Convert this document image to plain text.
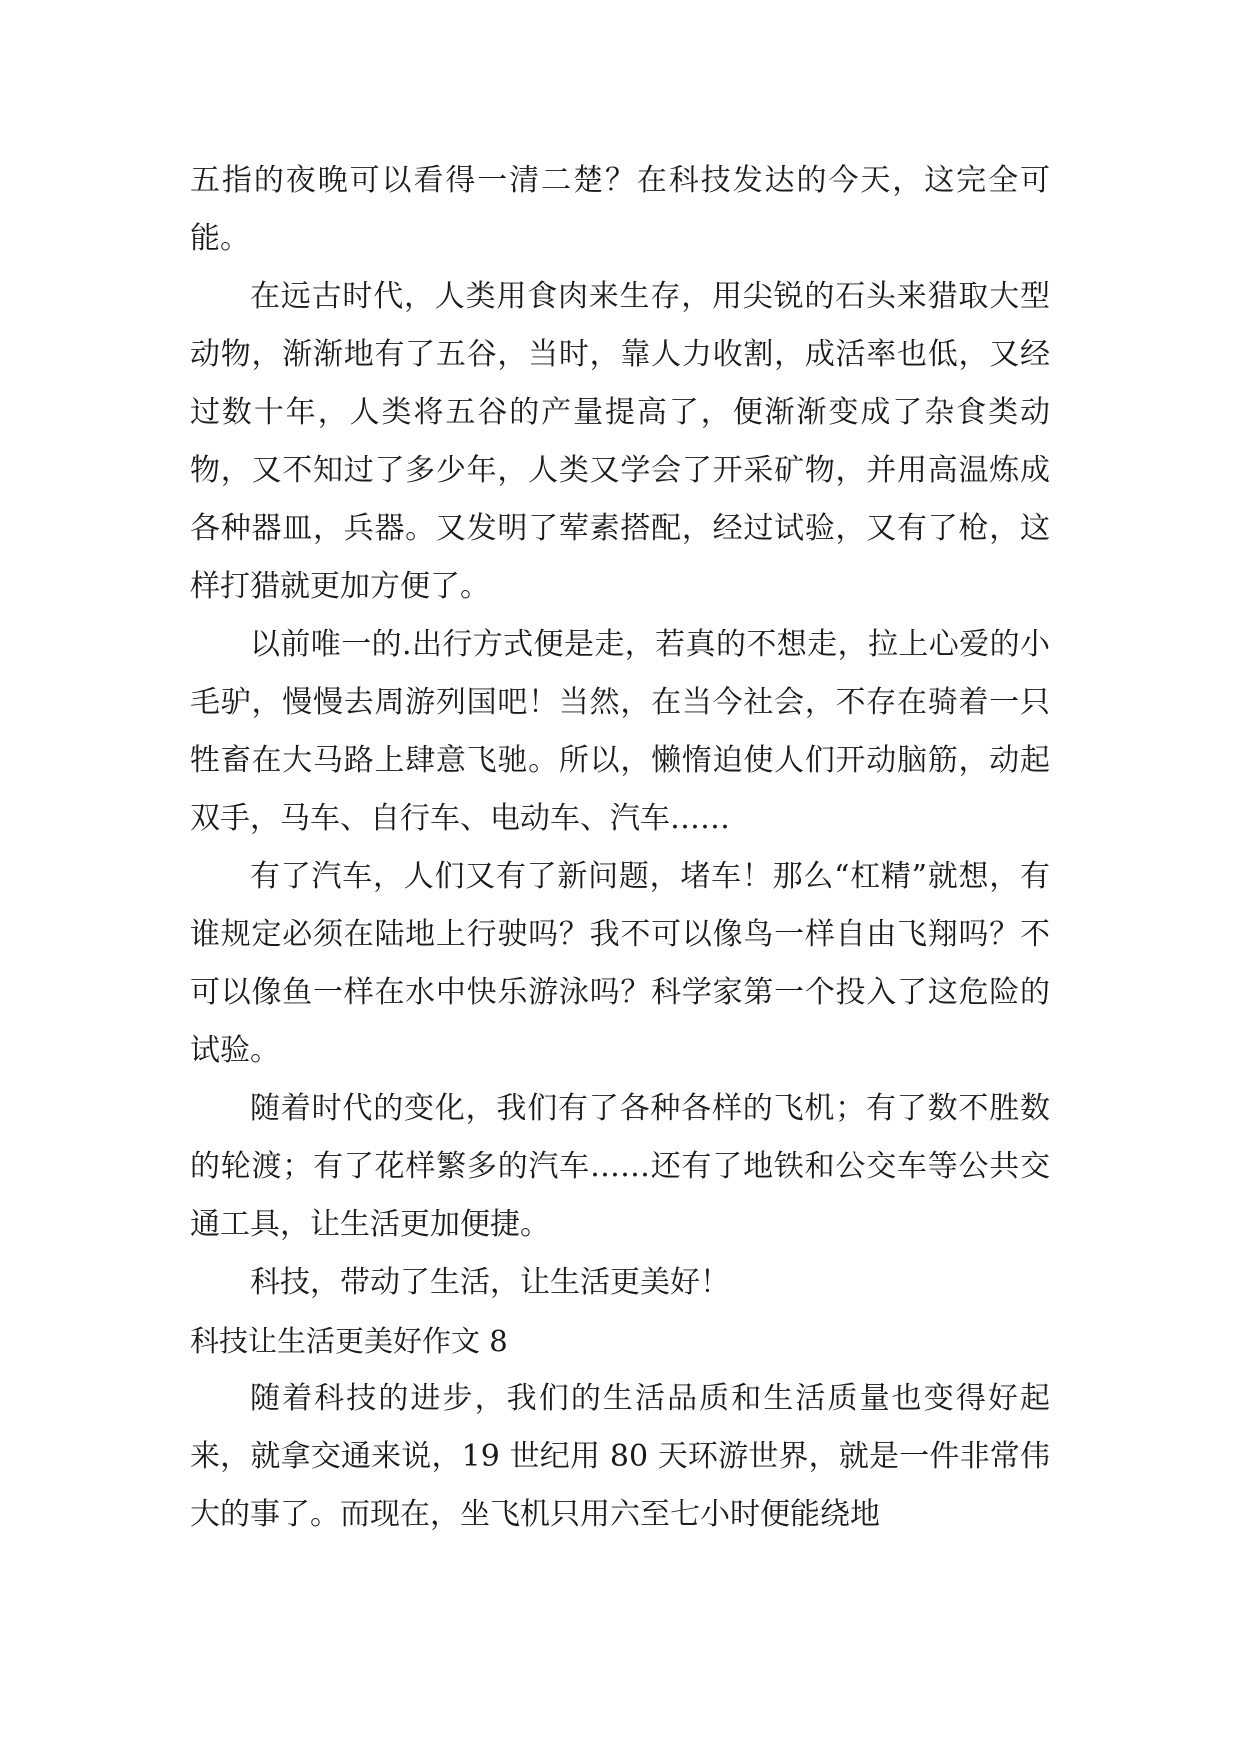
五指的夜晚可以看得一清二楚？在科技发达的今天，这完全可能。

在远古时代，人类用食肉来生存，用尖锐的石头来猎取大型动物，渐渐地有了五谷，当时，靠人力收割，成活率也低，又经过数十年，人类将五谷的产量提高了，便渐渐变成了杂食类动物，又不知过了多少年，人类又学会了开采矿物，并用高温炼成各种器皿，兵器。又发明了荤素搭配，经过试验，又有了枪，这样打猎就更加方便了。

以前唯一的.出行方式便是走，若真的不想走，拉上心爱的小毛驴，慢慢去周游列国吧！当然，在当今社会，不存在骑着一只牲畜在大马路上肆意飞驰。所以，懒惰迫使人们开动脑筋，动起双手，马车、自行车、电动车、汽车……

有了汽车，人们又有了新问题，堵车！那么“杠精”就想，有谁规定必须在陆地上行驶吗？我不可以像鸟一样自由飞翔吗？不可以像鱼一样在水中快乐游泳吗？科学家第一个投入了这危险的试验。

随着时代的变化，我们有了各种各样的飞机；有了数不胜数的轮渡；有了花样繁多的汽车……还有了地铁和公交车等公共交通工具，让生活更加便捷。

科技，带动了生活，让生活更美好！

科技让生活更美好作文 8

随着科技的进步，我们的生活品质和生活质量也变得好起来，就拿交通来说，19 世纪用 80 天环游世界，就是一件非常伟大的事了。而现在，坐飞机只用六至七小时便能绕地
